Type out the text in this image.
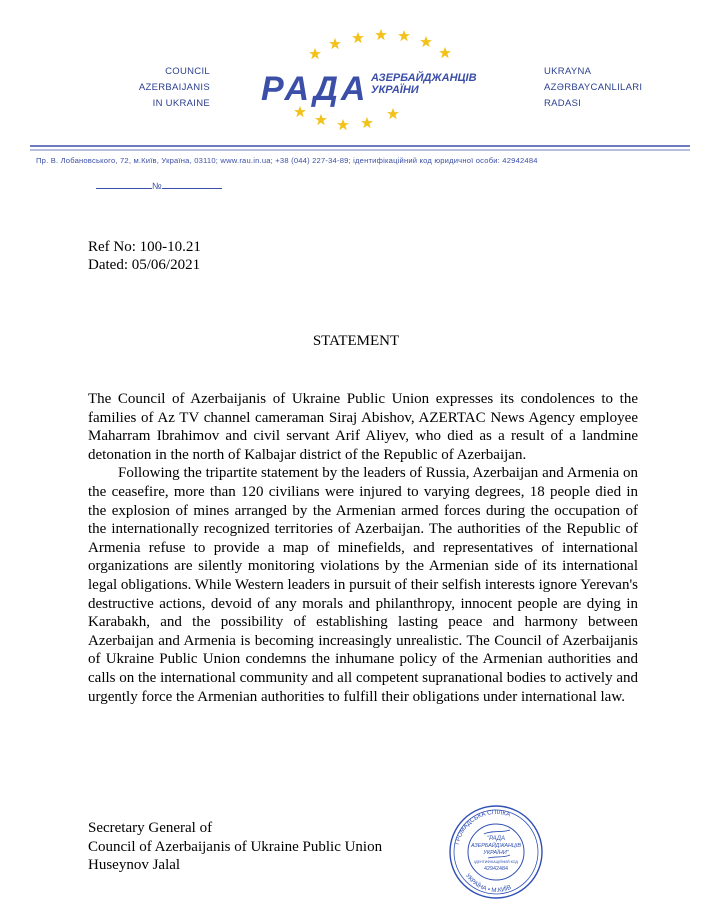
COUNCIL
AZERBAIJANIS
IN UKRAINE РАДА АЗЕРБАЙДЖАНЦІВ
УКРАЇНИ
UKRAYNA
AZƏRBAYCANLILARI
RADASI
Пр. В. Лобановського, 72, м.Київ, Україна, 03110; www.rau.in.ua; +38 (044) 227-34-89; ідентифікаційний код юридичної особи: 42942484
№
Ref No: 100-10.21
Dated: 05/06/2021
STATEMENT

The Council of Azerbaijanis of Ukraine Public Union expresses its condolences to the families of Az TV channel cameraman Siraj Abishov, AZERTAC News Agency employee Maharram Ibrahimov and civil servant Arif Aliyev, who died as a result of a landmine detonation in the north of Kalbajar district of the Republic of Azerbaijan.

Following the tripartite statement by the leaders of Russia, Azerbaijan and Armenia on the ceasefire, more than 120 civilians were injured to varying degrees, 18 people died in the explosion of mines arranged by the Armenian armed forces during the occupation of the internationally recognized territories of Azerbaijan. The authorities of the Republic of Armenia refuse to provide a map of minefields, and representatives of international organizations are silently monitoring violations by the Armenian side of its international legal obligations. While Western leaders in pursuit of their selfish interests ignore Yerevan's destructive actions, devoid of any morals and philanthropy, innocent people are dying in Karabakh, and the possibility of establishing lasting peace and harmony between Azerbaijan and Armenia is becoming increasingly unrealistic. The Council of Azerbaijanis of Ukraine Public Union condemns the inhumane policy of the Armenian authorities and calls on the international community and all competent supranational bodies to actively and urgently force the Armenian authorities to fulfill their obligations under international law.

Secretary General of
Council of Azerbaijanis of Ukraine Public Union
Huseynov Jalal
ГРОМАДСЬКА СПІЛКА
УКРАЇНА • М.КИЇВ
"РАДА
АЗЕРБАЙДЖАНЦІВ
УКРАЇНИ"
ІДЕНТИФІКАЦІЙНИЙ КОД
42942484
